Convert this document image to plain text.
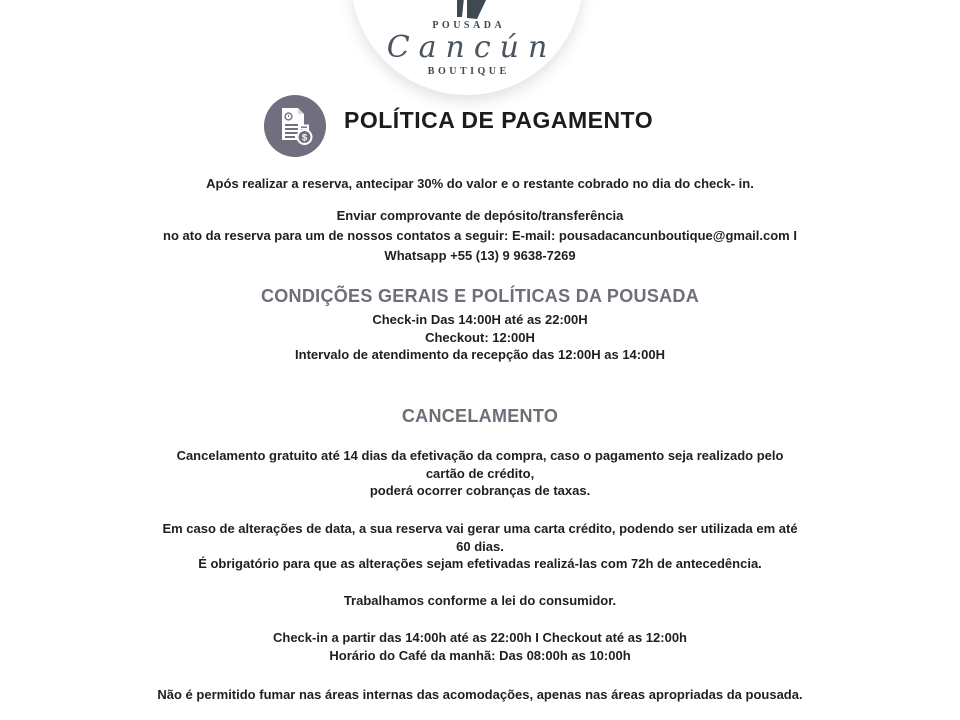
POUSADA
Cancún
BOUTIQUE
$
POLÍTICA DE PAGAMENTO
Após realizar a reserva, antecipar 30% do valor e o restante cobrado no dia do check- in.
Enviar comprovante de depósito/transferência
no ato da reserva para um de nossos contatos a seguir: E-mail: pousadacancunboutique@gmail.com I
Whatsapp +55 (13) 9 9638-7269
CONDIÇÕES GERAIS E POLÍTICAS DA POUSADA
Check-in Das 14:00H até as 22:00H
Checkout: 12:00H
Intervalo de atendimento da recepção das 12:00H as 14:00H
CANCELAMENTO
Cancelamento gratuito até 14 dias da efetivação da compra, caso o pagamento seja realizado pelo
cartão de crédito,
poderá ocorrer cobranças de taxas.
Em caso de alterações de data, a sua reserva vai gerar uma carta crédito, podendo ser utilizada em até
60 dias.
É obrigatório para que as alterações sejam efetivadas realizá-las com 72h de antecedência.
Trabalhamos conforme a lei do consumidor.
Check-in a partir das 14:00h até as 22:00h I Checkout até as 12:00h
Horário do Café da manhã: Das 08:00h as 10:00h
Não é permitido fumar nas áreas internas das acomodações, apenas nas áreas apropriadas da pousada.
